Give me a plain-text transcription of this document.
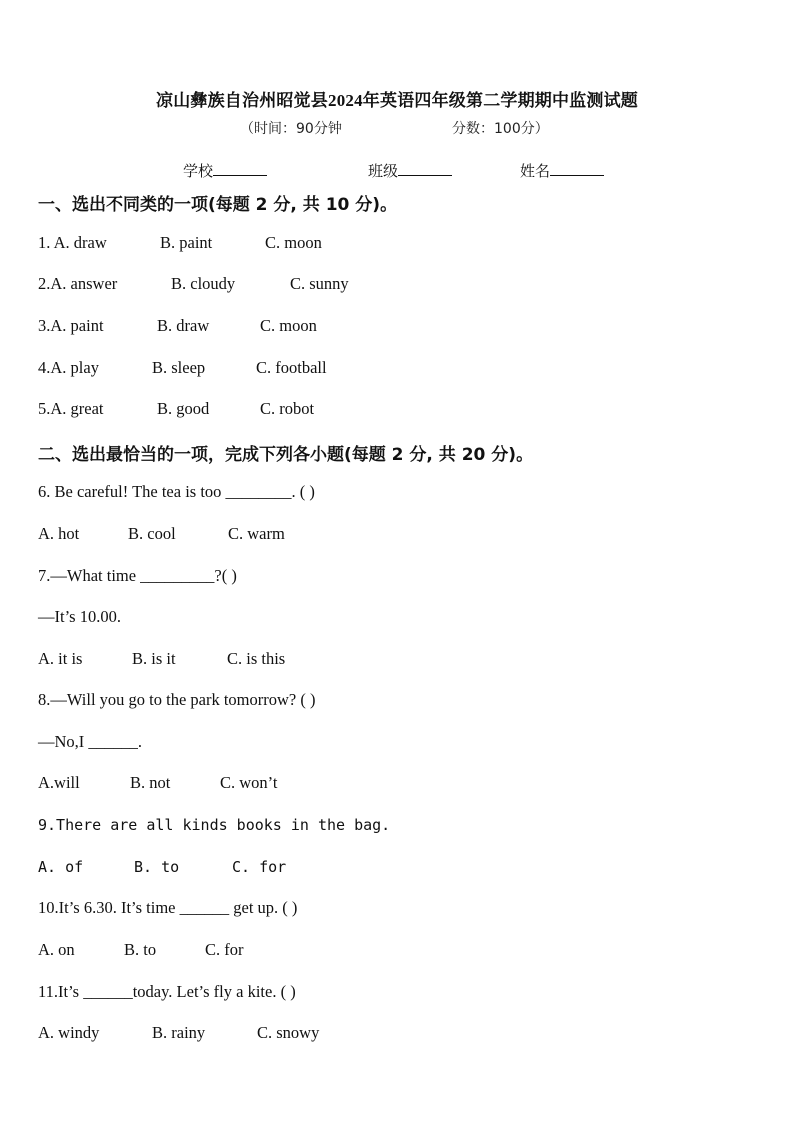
凉山彝族自治州昭觉县2024年英语四年级第二学期期中监测试题
（时间：90分钟	分数：100分）
学校	班级	姓名
一、选出不同类的一项(每题 2 分, 共 10 分)。
1. A. draw	B. paint	C. moon
2.A. answer	B. cloudy	C. sunny
3.A. paint	B. draw	C. moon
4.A. play	B. sleep	C. football
5.A. great	B. good	C. robot
二、选出最恰当的一项，完成下列各小题(每题 2 分, 共 20 分)。
6. Be careful! The tea is too ________. ( )
A. hot	B. cool	C. warm
7.—What time _________?( )
—It’s 10.00.
A. it is	B. is it	C. is this
8.—Will you go to the park tomorrow? ( )
—No,I ______.
A.will	B. not	C. won’t
9.There are all kinds books in the bag.
A. of	B. to	C. for
10.It’s 6.30. It’s time ______ get up. ( )
A. on	B. to	C. for
11.It’s ______today. Let’s fly a kite. ( )
A. windy	B. rainy	C. snowy
